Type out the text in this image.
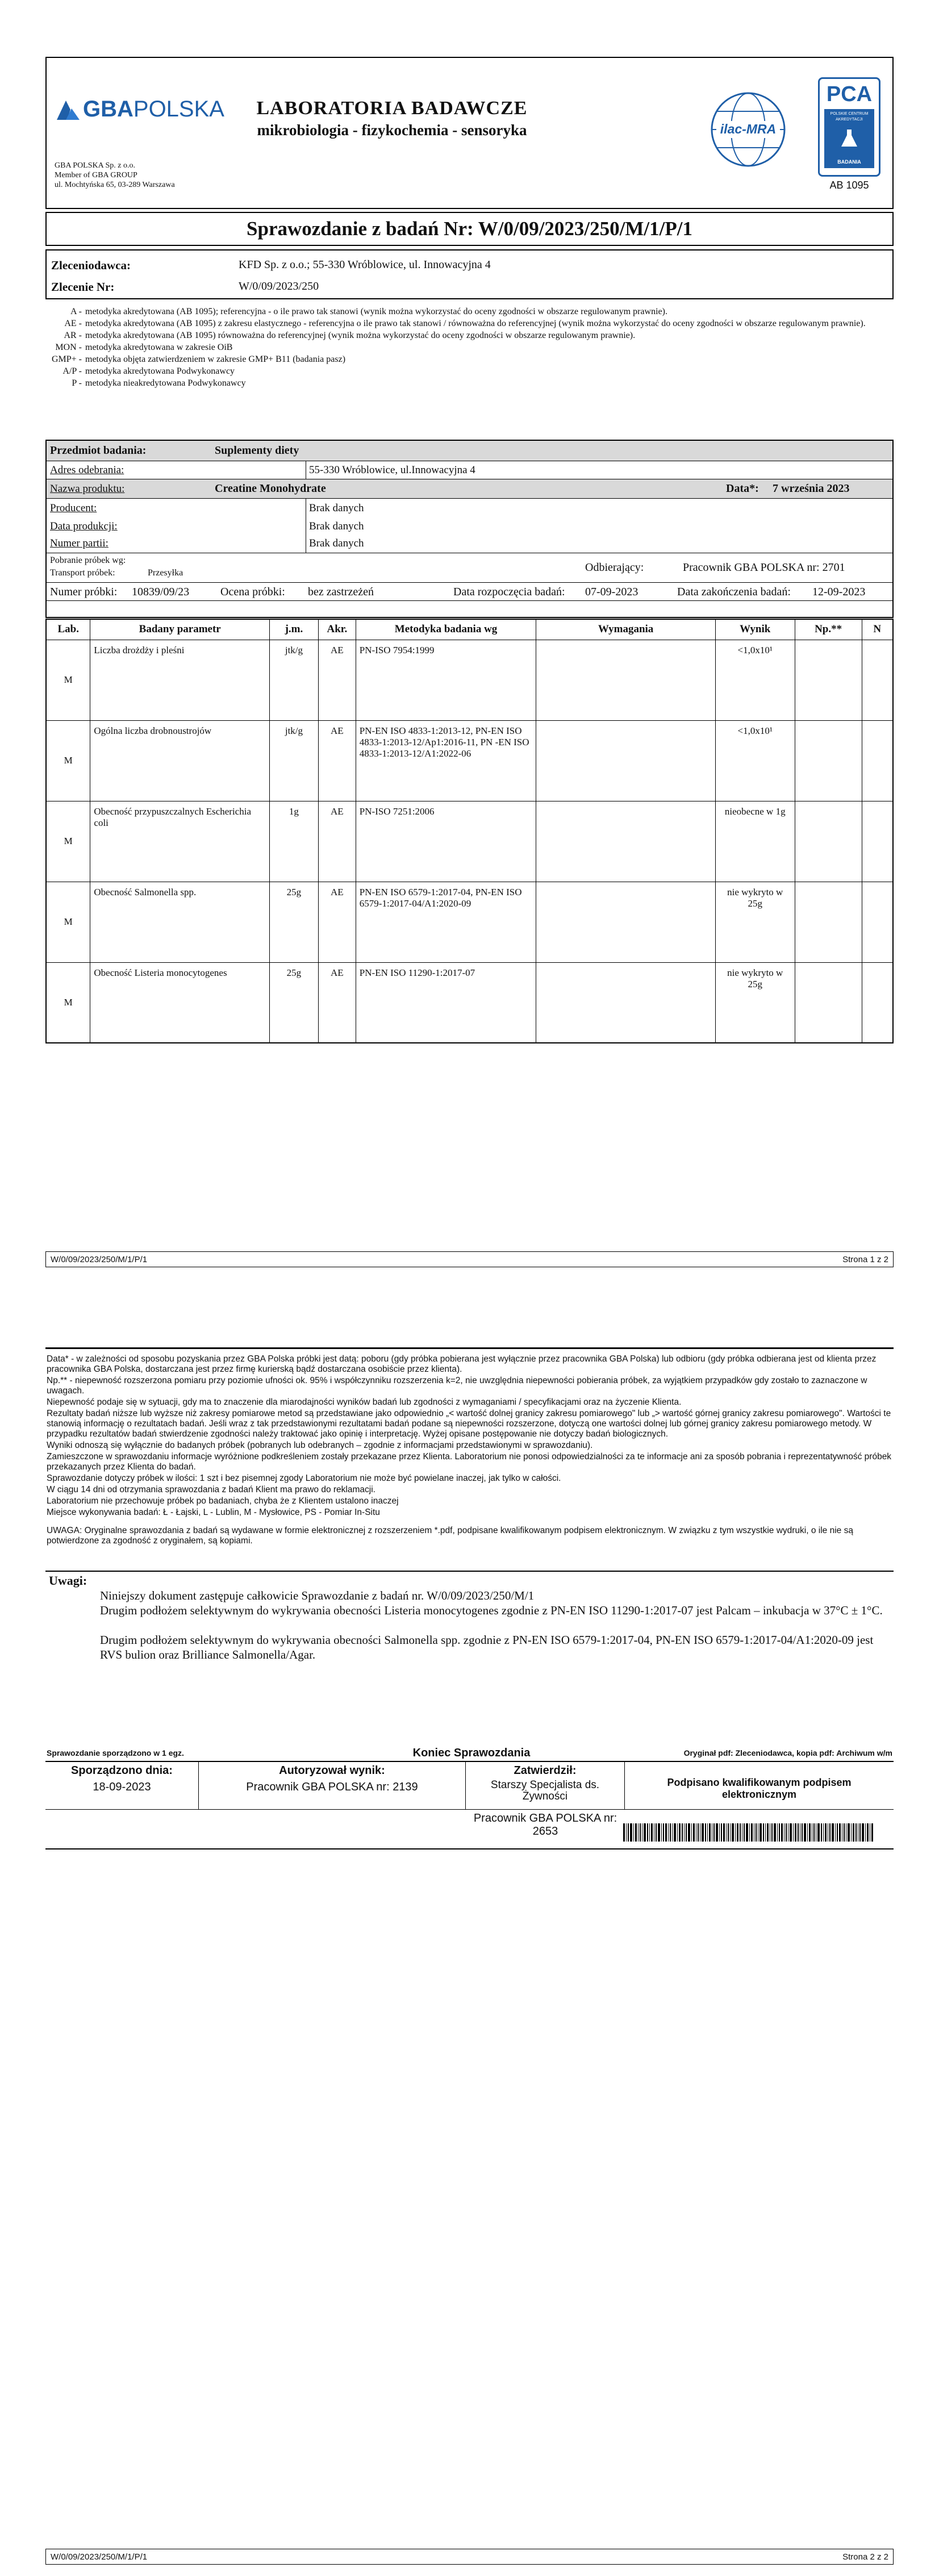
GBA POLSKA
GBA POLSKA Sp. z o.o.
Member of GBA GROUP
ul. Mochtyńska 65, 03-289 Warszawa
LABORATORIA BADAWCZE
mikrobiologia - fizykochemia - sensoryka	ilac-MRA
PCA
POLSKIE CENTRUM AKREDYTACJI
BADANIA
AB 1095
Sprawozdanie z badań Nr: W/0/09/2023/250/M/1/P/1
Zleceniodawca:	KFD Sp. z o.o.; 55-330 Wróblowice, ul. Innowacyjna 4
Zlecenie Nr:	W/0/09/2023/250
A - metodyka akredytowana (AB 1095); referencyjna - o ile prawo tak stanowi (wynik można wykorzystać do oceny zgodności w obszarze regulowanym prawnie).
AE - metodyka akredytowana (AB 1095) z zakresu elastycznego - referencyjna o ile prawo tak stanowi / równoważna do referencyjnej (wynik można wykorzystać do oceny zgodności w obszarze regulowanym prawnie).
AR - metodyka akredytowana (AB 1095) równoważna do referencyjnej (wynik można wykorzystać do oceny zgodności w obszarze regulowanym prawnie).
MON - metodyka akredytowana w zakresie OiB
GMP+ - metodyka objęta zatwierdzeniem w zakresie GMP+ B11 (badania pasz)
A/P - metodyka akredytowana Podwykonawcy
P - metodyka nieakredytowana Podwykonawcy
Przedmiot badania:	Suplementy diety
Adres odebrania:	55-330 Wróblowice, ul.Innowacyjna 4
Nazwa produktu:	Creatine Monohydrate	Data*: 7 września 2023
Producent:	Brak danych
Data produkcji:	Brak danych
Numer partii:	Brak danych
Pobranie próbek wg:
Transport próbek:	Przesyłka	Odbierający:	Pracownik GBA POLSKA nr: 2701
Numer próbki: 10839/09/23	Ocena próbki: bez zastrzeżeń	Data rozpoczęcia badań: 07-09-2023	Data zakończenia badań: 12-09-2023
Lab.	Badany parametr	j.m.	Akr.	Metodyka badania wg	Wymagania	Wynik	Np.**	N
M	Liczba drożdży i pleśni	jtk/g	AE	PN-ISO 7954:1999		<1,0x10¹		
M	Ogólna liczba drobnoustrojów	jtk/g	AE	PN-EN ISO 4833-1:2013-12, PN-EN ISO 4833-1:2013-12/Ap1:2016-11, PN -EN ISO 4833-1:2013-12/A1:2022-06		<1,0x10¹		
M	Obecność przypuszczalnych Escherichia coli	1g	AE	PN-ISO 7251:2006		nieobecne w 1g		
M	Obecność Salmonella spp.	25g	AE	PN-EN ISO 6579-1:2017-04, PN-EN ISO 6579-1:2017-04/A1:2020-09		nie wykryto w 25g		
M	Obecność Listeria monocytogenes	25g	AE	PN-EN ISO 11290-1:2017-07		nie wykryto w 25g		
W/0/09/2023/250/M/1/P/1	Strona 1 z 2

Data* - w zależności od sposobu pozyskania przez GBA Polska próbki jest datą: poboru (gdy próbka pobierana jest wyłącznie przez pracownika GBA Polska) lub odbioru (gdy próbka odbierana jest od klienta przez pracownika GBA Polska, dostarczana jest przez firmę kurierską bądź dostarczana osobiście przez klienta).

Np.** - niepewność rozszerzona pomiaru przy poziomie ufności ok. 95% i współczynniku rozszerzenia k=2, nie uwzględnia niepewności pobierania próbek, za wyjątkiem przypadków gdy zostało to zaznaczone w uwagach.

Niepewność podaje się w sytuacji, gdy ma to znaczenie dla miarodajności wyników badań lub zgodności z wymaganiami / specyfikacjami oraz na życzenie Klienta.

Rezultaty badań niższe lub wyższe niż zakresy pomiarowe metod są przedstawiane jako odpowiednio „< wartość dolnej granicy zakresu pomiarowego" lub „> wartość górnej granicy zakresu pomiarowego". Wartości te stanowią informację o rezultatach badań. Jeśli wraz z tak przedstawionymi rezultatami badań podane są niepewności rozszerzone, dotyczą one wartości dolnej lub górnej granicy zakresu pomiarowego metody. W przypadku rezultatów badań stwierdzenie zgodności należy traktować jako opinię i interpretację. Wyżej opisane postępowanie nie dotyczy badań biologicznych.

Wyniki odnoszą się wyłącznie do badanych próbek (pobranych lub odebranych – zgodnie z informacjami przedstawionymi w sprawozdaniu).

Zamieszczone w sprawozdaniu informacje wyróżnione podkreśleniem zostały przekazane przez Klienta. Laboratorium nie ponosi odpowiedzialności za te informacje ani za sposób pobrania i reprezentatywność próbek przekazanych przez Klienta do badań.

Sprawozdanie dotyczy próbek w ilości: 1 szt i bez pisemnej zgody Laboratorium nie może być powielane inaczej, jak tylko w całości.

W ciągu 14 dni od otrzymania sprawozdania z badań Klient ma prawo do reklamacji.

Laboratorium nie przechowuje próbek po badaniach, chyba że z Klientem ustalono inaczej

Miejsce wykonywania badań: Ł - Łajski, L - Lublin, M - Mysłowice, PS - Pomiar In-Situ

UWAGA: Oryginalne sprawozdania z badań są wydawane w formie elektronicznej z rozszerzeniem *.pdf, podpisane kwalifikowanym podpisem elektronicznym. W związku z tym wszystkie wydruki, o ile nie są potwierdzone za zgodność z oryginałem, są kopiami.

Uwagi:
Niniejszy dokument zastępuje całkowicie Sprawozdanie z badań nr. W/0/09/2023/250/M/1
Drugim podłożem selektywnym do wykrywania obecności Listeria monocytogenes zgodnie z PN-EN ISO 11290-1:2017-07 jest Palcam – inkubacja w 37°C ± 1°C.
Drugim podłożem selektywnym do wykrywania obecności Salmonella spp. zgodnie z PN-EN ISO 6579-1:2017-04, PN-EN ISO 6579-1:2017-04/A1:2020-09 jest RVS bulion oraz Brilliance Salmonella/Agar.
Sprawozdanie sporządzono w 1 egz.	Koniec Sprawozdania	Oryginał pdf: Zleceniodawca, kopia pdf: Archiwum w/m
Sporządzono dnia:
18-09-2023
Autoryzował wynik:
Pracownik GBA POLSKA nr: 2139
Zatwierdził:
Starszy Specjalista ds. Żywności
Podpisano kwalifikowanym podpisem elektronicznym
Pracownik GBA POLSKA nr: 2653
W/0/09/2023/250/M/1/P/1	Strona 2 z 2
